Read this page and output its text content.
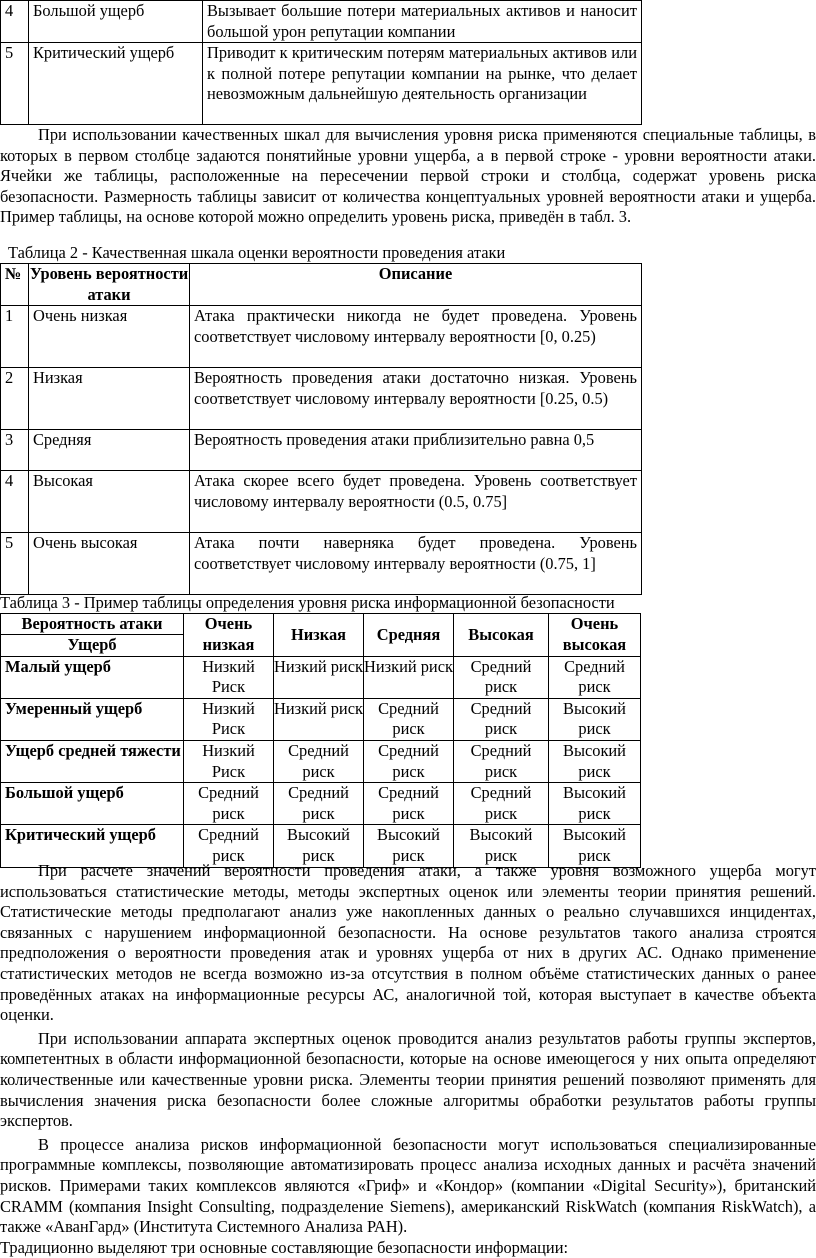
4	Большой ущерб	Вызывает большие потери материальных активов и наносит большой урон репутации компании
5	Критический ущерб	Приводит к критическим потерям материальных активов или к полной потере репутации компании на рынке, что делает невозможным дальнейшую деятельность организации

При использовании качественных шкал для вычисления уровня риска применяются специальные таблицы, в которых в первом столбце задаются понятийные уровни ущерба, а в первой строке - уровни вероятности атаки. Ячейки же таблицы, расположенные на пересечении первой строки и столбца, содержат уровень риска безопасности. Размерность таблицы зависит от количества концептуальных уровней вероятности атаки и ущерба. Пример таблицы, на основе которой можно определить уровень риска, приведён в табл. 3.

Таблица 2 - Качественная шкала оценки вероятности проведения атаки
№	Уровень вероятности атаки	Описание
1	Очень низкая	Атака практически никогда не будет проведена. Уровень соответствует числовому интервалу вероятности [0, 0.25)
2	Низкая	Вероятность проведения атаки достаточно низкая. Уровень соответствует числовому интервалу вероятности [0.25, 0.5)
3	Средняя	Вероятность проведения атаки приблизительно равна 0,5
4	Высокая	Атака скорее всего будет проведена. Уровень соответствует числовому интервалу вероятности (0.5, 0.75]
5	Очень высокая	Атака почти наверняка будет проведена. Уровень соответствует числовому интервалу вероятности (0.75, 1]
Таблица 3 - Пример таблицы определения уровня риска информационной безопасности
Вероятность атаки
Ущерб	Очень низкая	Низкая	Средняя	Высокая	Очень высокая
Малый ущерб	Низкий Риск	Низкий риск	Низкий риск	Средний риск	Средний риск
Умеренный ущерб	Низкий Риск	Низкий риск	Средний риск	Средний риск	Высокий риск
Ущерб средней тяжести	Низкий Риск	Средний риск	Средний риск	Средний риск	Высокий риск
Большой ущерб	Средний риск	Средний риск	Средний риск	Средний риск	Высокий риск
Критический ущерб	Средний риск	Высокий риск	Высокий риск	Высокий риск	Высокий риск

При расчете значений вероятности проведения атаки, а также уровня возможного ущерба могут использоваться статистические методы, методы экспертных оценок или элементы теории принятия решений. Статистические методы предполагают анализ уже накопленных данных о реально случавшихся инцидентах, связанных с нарушением информационной безопасности. На основе результатов такого анализа строятся предположения о вероятности проведения атак и уровнях ущерба от них в других АС. Однако применение статистических методов не всегда возможно из-за отсутствия в полном объёме статистических данных о ранее проведённых атаках на информационные ресурсы АС, аналогичной той, которая выступает в качестве объекта оценки.

При использовании аппарата экспертных оценок проводится анализ результатов работы группы экспертов, компетентных в области информационной безопасности, которые на основе имеющегося у них опыта определяют количественные или качественные уровни риска. Элементы теории принятия решений позволяют применять для вычисления значения риска безопасности более сложные алгоритмы обработки результатов работы группы экспертов.

В процессе анализа рисков информационной безопасности могут использоваться специализированные программные комплексы, позволяющие автоматизировать процесс анализа исходных данных и расчёта значений рисков. Примерами таких комплексов являются «Гриф» и «Кондор» (компании «Digital Security»), британский CRAMM (компания Insight Consulting, подразделение Siemens), американский RiskWatch (компания RiskWatch), а также «АванГард» (Института Системного Анализа РАН).

Традиционно выделяют три основные составляющие безопасности информации:
